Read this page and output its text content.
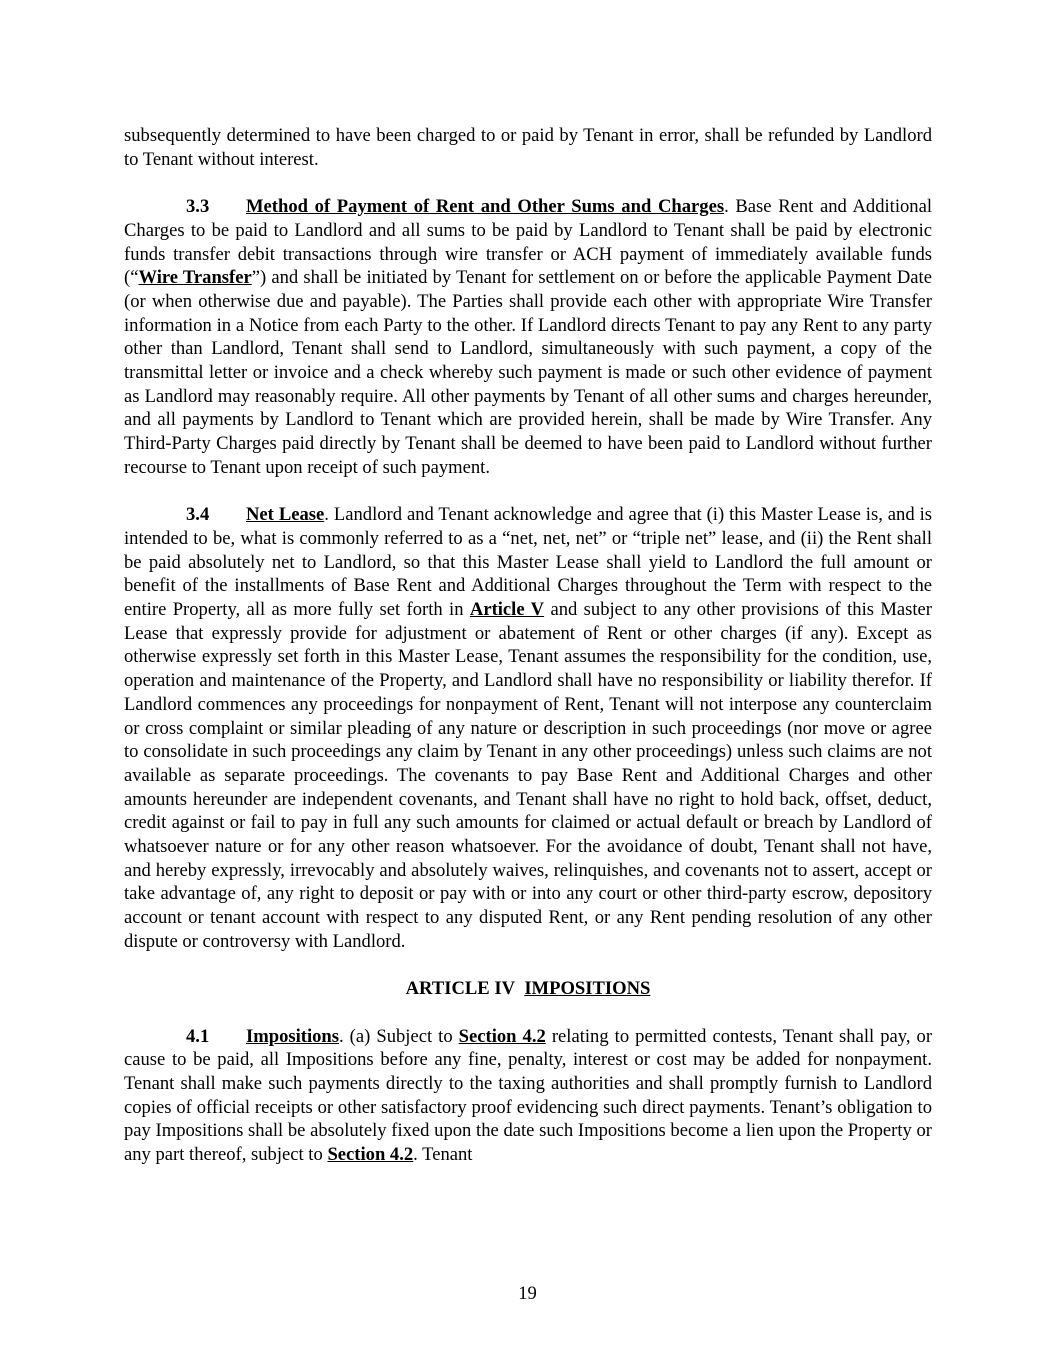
subsequently determined to have been charged to or paid by Tenant in error, shall be refunded by Landlord to Tenant without interest.

3.3 Method of Payment of Rent and Other Sums and Charges. Base Rent and Additional Charges to be paid to Landlord and all sums to be paid by Landlord to Tenant shall be paid by electronic funds transfer debit transactions through wire transfer or ACH payment of immediately available funds (“Wire Transfer”) and shall be initiated by Tenant for settlement on or before the applicable Payment Date (or when otherwise due and payable). The Parties shall provide each other with appropriate Wire Transfer information in a Notice from each Party to the other. If Landlord directs Tenant to pay any Rent to any party other than Landlord, Tenant shall send to Landlord, simultaneously with such payment, a copy of the transmittal letter or invoice and a check whereby such payment is made or such other evidence of payment as Landlord may reasonably require. All other payments by Tenant of all other sums and charges hereunder, and all payments by Landlord to Tenant which are provided herein, shall be made by Wire Transfer. Any Third-Party Charges paid directly by Tenant shall be deemed to have been paid to Landlord without further recourse to Tenant upon receipt of such payment.

3.4 Net Lease. Landlord and Tenant acknowledge and agree that (i) this Master Lease is, and is intended to be, what is commonly referred to as a “net, net, net” or “triple net” lease, and (ii) the Rent shall be paid absolutely net to Landlord, so that this Master Lease shall yield to Landlord the full amount or benefit of the installments of Base Rent and Additional Charges throughout the Term with respect to the entire Property, all as more fully set forth in Article V and subject to any other provisions of this Master Lease that expressly provide for adjustment or abatement of Rent or other charges (if any). Except as otherwise expressly set forth in this Master Lease, Tenant assumes the responsibility for the condition, use, operation and maintenance of the Property, and Landlord shall have no responsibility or liability therefor. If Landlord commences any proceedings for nonpayment of Rent, Tenant will not interpose any counterclaim or cross complaint or similar pleading of any nature or description in such proceedings (nor move or agree to consolidate in such proceedings any claim by Tenant in any other proceedings) unless such claims are not available as separate proceedings. The covenants to pay Base Rent and Additional Charges and other amounts hereunder are independent covenants, and Tenant shall have no right to hold back, offset, deduct, credit against or fail to pay in full any such amounts for claimed or actual default or breach by Landlord of whatsoever nature or for any other reason whatsoever. For the avoidance of doubt, Tenant shall not have, and hereby expressly, irrevocably and absolutely waives, relinquishes, and covenants not to assert, accept or take advantage of, any right to deposit or pay with or into any court or other third-party escrow, depository account or tenant account with respect to any disputed Rent, or any Rent pending resolution of any other dispute or controversy with Landlord.

ARTICLE IV IMPOSITIONS

4.1 Impositions. (a) Subject to Section 4.2 relating to permitted contests, Tenant shall pay, or cause to be paid, all Impositions before any fine, penalty, interest or cost may be added for nonpayment. Tenant shall make such payments directly to the taxing authorities and shall promptly furnish to Landlord copies of official receipts or other satisfactory proof evidencing such direct payments. Tenant’s obligation to pay Impositions shall be absolutely fixed upon the date such Impositions become a lien upon the Property or any part thereof, subject to Section 4.2. Tenant

19
